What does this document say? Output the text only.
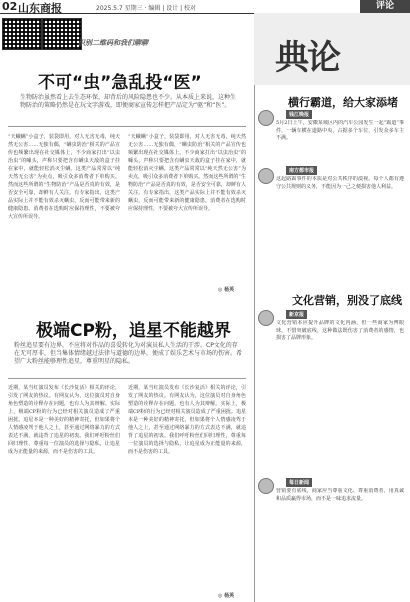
02 山东商报	2025.5.7 星期三 · 编辑 | 设计 | 校对	评论
识别二维码和我们聊聊
不可“虫”急乱投“医”
生物防治虽然看上去生态环保，却背后的风险隐患也不少。从本质上来说，这种生物防治的策略仍然是在玩文字游戏，即便商家宣传怎样把产品定为“驱”和“医”。
“天蛾螨”小盒子，装袋即用，对人无害无毒，纯天然无公害……无独有偶，“螨虫防治”相关的产品宣传也频繁出现在社交媒体上，不少商家打出“以虫治虫”的噱头，声称只要把含有螨虫天敌的盒子挂在家中，就能轻松消灭尘螨。这类产品常常以“纯天然无公害”为卖点，吸引众多消费者下单购买。然而这些所谓的“生物防治”产品是否真的有效，是否安全可靠，却鲜有人关注。有专家指出，这类产品实际上并不能有效杀灭螨虫，反而可能带来新的健康隐患。消费者在选购时应保持理性，不要被夸大宣传所误导。
“天蛾螨”小盒子，装袋即用，对人无害无毒，纯天然无公害……无独有偶，“螨虫防治”相关的产品宣传也频繁出现在社交媒体上，不少商家打出“以虫治虫”的噱头，声称只要把含有螨虫天敌的盒子挂在家中，就能轻松消灭尘螨。这类产品常常以“纯天然无公害”为卖点，吸引众多消费者下单购买。然而这些所谓的“生物防治”产品是否真的有效，是否安全可靠，却鲜有人关注。有专家指出，这类产品实际上并不能有效杀灭螨虫，反而可能带来新的健康隐患。消费者在选购时应保持理性，不要被夸大宣传所误导。
◎ 杨英
极端CP粉，追星不能越界
粉丝追星要有边界，不应将对作品的喜爱转化为对演员私人生活的干涉。CP文化的存在无可厚非，但当集体情绪越过法律与道德的边界，便成了娱乐艺术与市场的伤害。希望广大粉丝能够理性追星，尊重明星的隐私。
近期，某当红演员发布《长沙复活》相关的评论，引发了网友的热议。有网友认为，这位演员对自身角色塑造的诠释存在问题，也有人为其辩解。实际上，极端CP粉的行为已经对相关演员造成了严重困扰。追星本是一种美好的精神寄托，但如果将个人情感凌驾于他人之上，甚至通过网络暴力的方式表达不满，就违背了追星的初衷。我们呼吁粉丝们回归理性，尊重每一位演员的选择与隐私，让追星成为正能量的来源，而不是伤害的工具。
近期，某当红演员发布《长沙复活》相关的评论，引发了网友的热议。有网友认为，这位演员对自身角色塑造的诠释存在问题，也有人为其辩解。实际上，极端CP粉的行为已经对相关演员造成了严重困扰。追星本是一种美好的精神寄托，但如果将个人情感凌驾于他人之上，甚至通过网络暴力的方式表达不满，就违背了追星的初衷。我们呼吁粉丝们回归理性，尊重每一位演员的选择与隐私，让追星成为正能量的来源，而不是伤害的工具。
◎ 杨英
典论
横行霸道，给大家添堵
钱江晚报
5月2日上午，安徽某城区内的汽车公园发生一起“霸道”事件，一辆车横在道路中央，占据多个车位，引发众多车主不满。
南方都市报
这起路霸事件的本质是对公共秩序的漠视。每个人都有遵守公共规则的义务，不能因为一己之便损害他人利益。
文化营销，别没了底线
新京报
文化营销本应提升品牌的文化内涵，但一些商家为博眼球，不惜突破底线，这种做法既伤害了消费者的感情，也损害了品牌形象。
每日新闻
营销要有底线，商家应当尊重文化、尊重消费者，用真诚和品质赢得市场，而不是一味追求流量。
